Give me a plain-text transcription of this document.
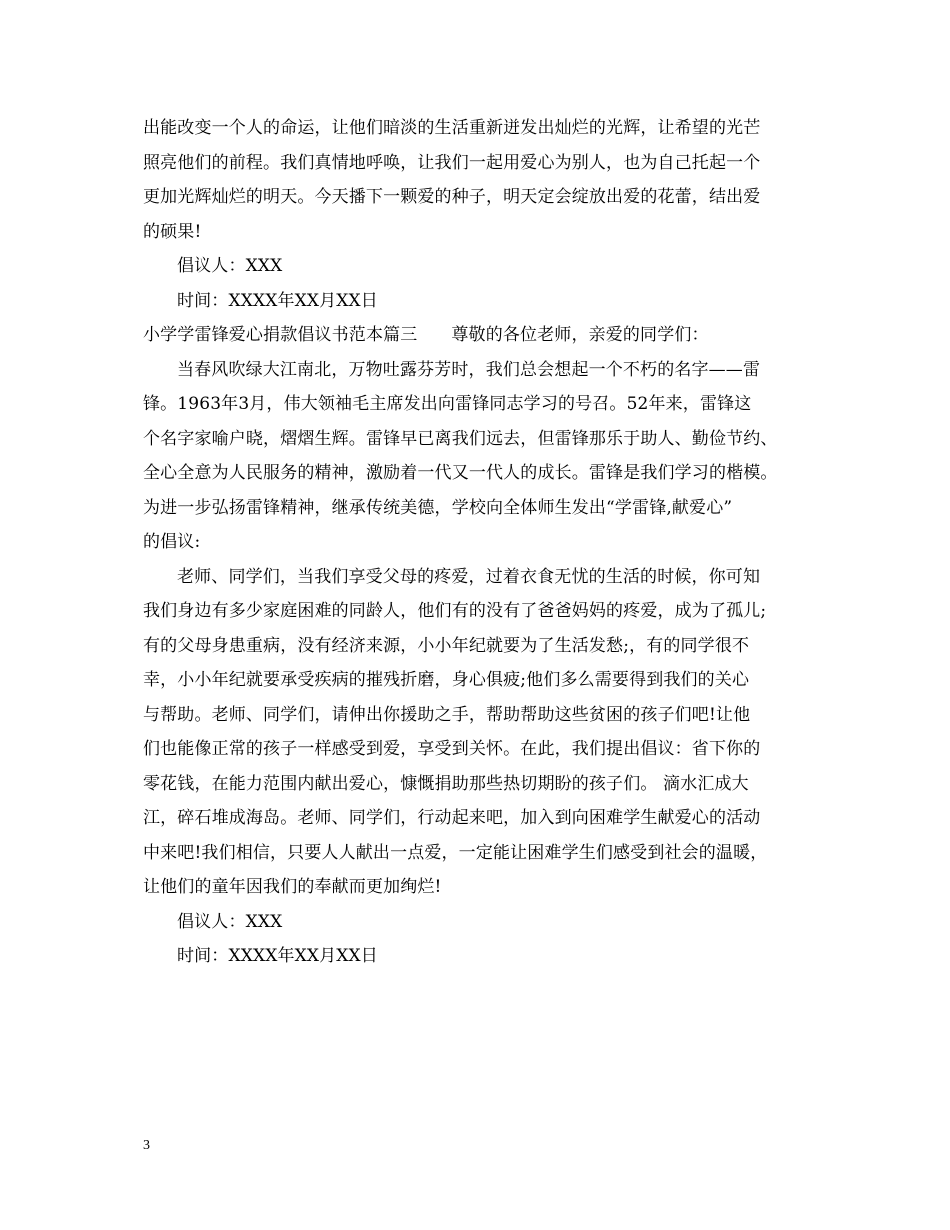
出能改变一个人的命运，让他们暗淡的生活重新迸发出灿烂的光辉，让希望的光芒
照亮他们的前程。我们真情地呼唤，让我们一起用爱心为别人，也为自己托起一个
更加光辉灿烂的明天。今天播下一颗爱的种子，明天定会绽放出爱的花蕾，结出爱
的硕果!
倡议人：XXX
时间：XXXX年XX月XX日
小学学雷锋爱心捐款倡议书范本篇三 尊敬的各位老师，亲爱的同学们：
当春风吹绿大江南北，万物吐露芬芳时，我们总会想起一个不朽的名字——雷
锋。1963年3月，伟大领袖毛主席发出向雷锋同志学习的号召。52年来，雷锋这
个名字家喻户晓，熠熠生辉。雷锋早已离我们远去，但雷锋那乐于助人、勤俭节约、
全心全意为人民服务的精神，激励着一代又一代人的成长。雷锋是我们学习的楷模。
为进一步弘扬雷锋精神，继承传统美德，学校向全体师生发出“学雷锋,献爱心”
的倡议:
老师、同学们，当我们享受父母的疼爱，过着衣食无忧的生活的时候，你可知
我们身边有多少家庭困难的同龄人，他们有的没有了爸爸妈妈的疼爱，成为了孤儿;
有的父母身患重病，没有经济来源，小小年纪就要为了生活发愁;，有的同学很不
幸，小小年纪就要承受疾病的摧残折磨，身心俱疲;他们多么需要得到我们的关心
与帮助。老师、同学们，请伸出你援助之手，帮助帮助这些贫困的孩子们吧!让他
们也能像正常的孩子一样感受到爱，享受到关怀。在此，我们提出倡议：省下你的
零花钱，在能力范围内献出爱心，慷慨捐助那些热切期盼的孩子们。 滴水汇成大
江，碎石堆成海岛。老师、同学们，行动起来吧，加入到向困难学生献爱心的活动
中来吧!我们相信，只要人人献出一点爱，一定能让困难学生们感受到社会的温暖，
让他们的童年因我们的奉献而更加绚烂!
倡议人：XXX
时间：XXXX年XX月XX日
3
